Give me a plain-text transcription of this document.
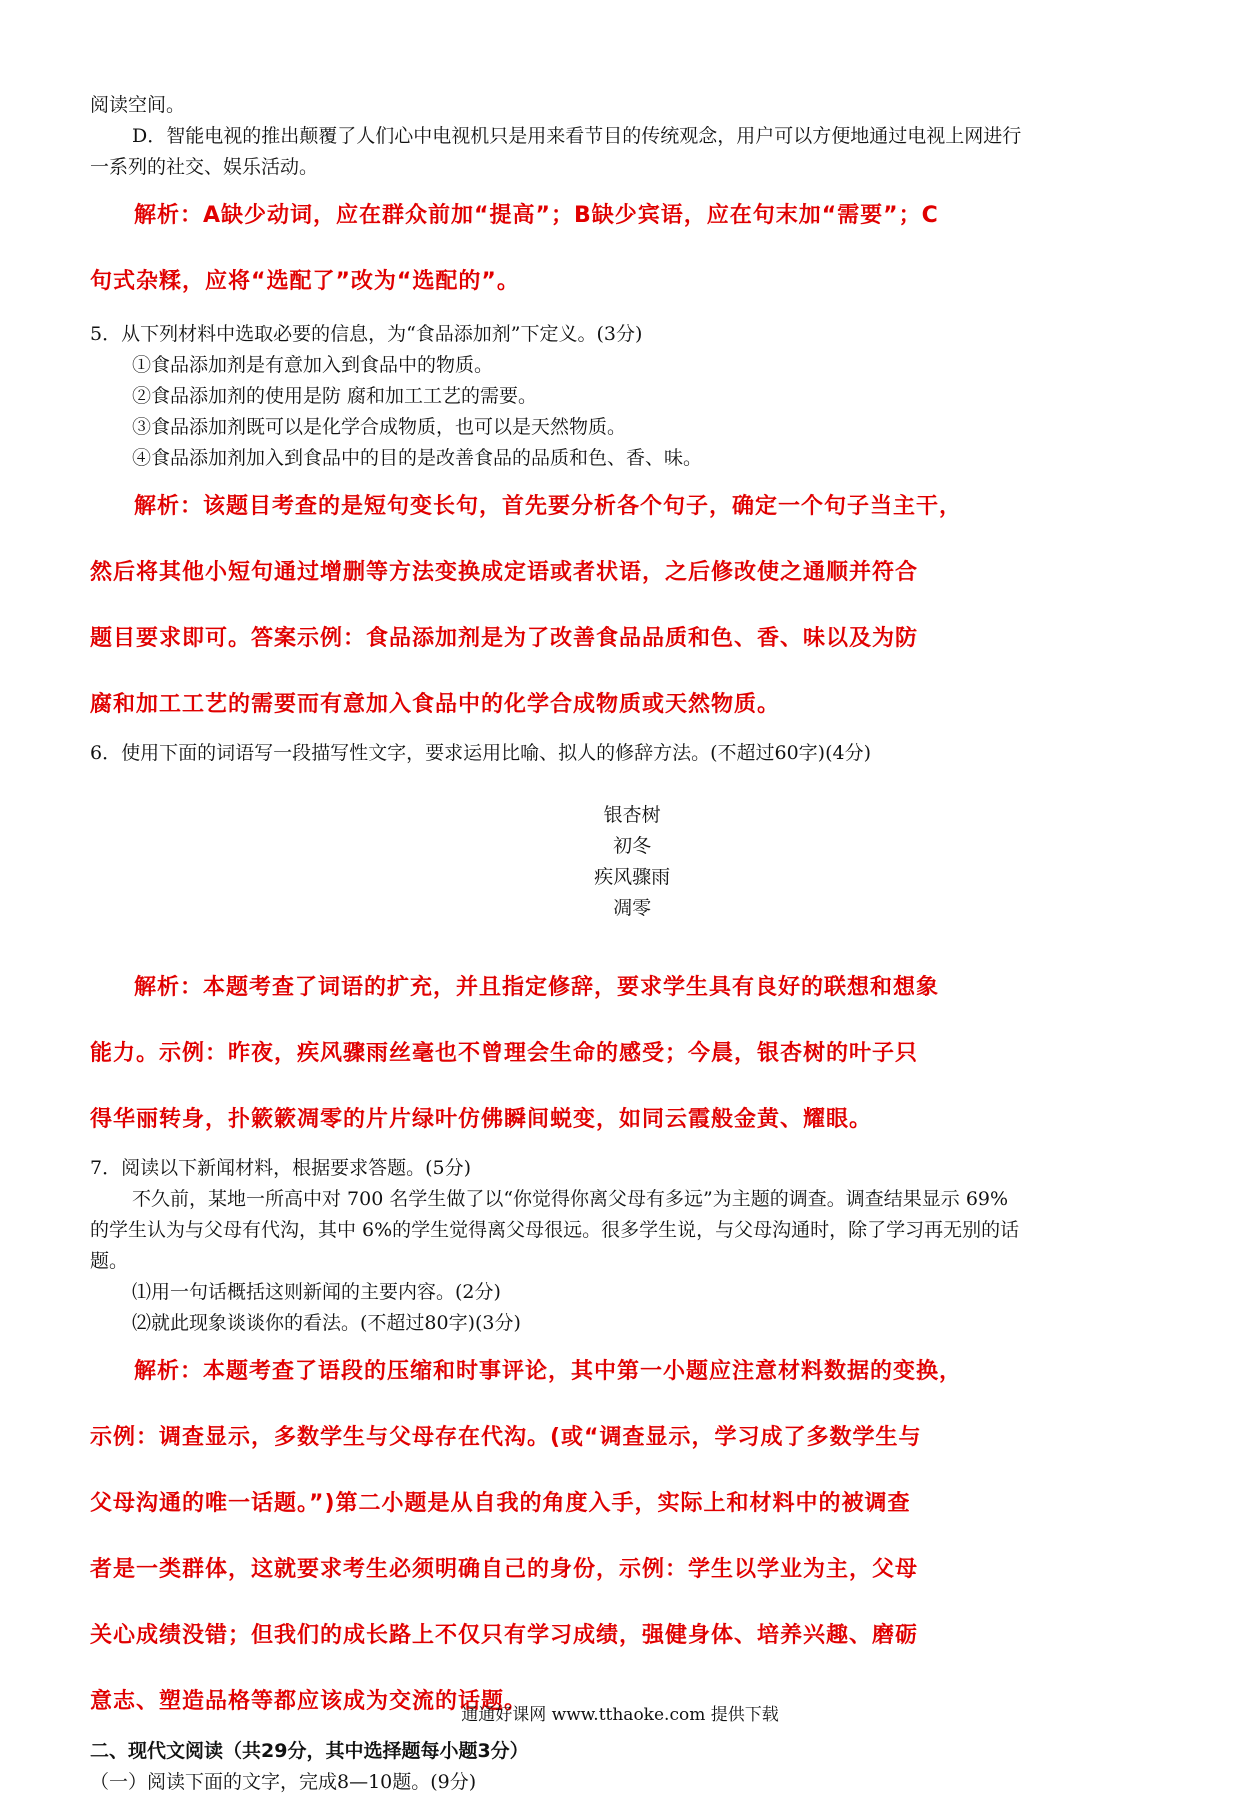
阅读空间。

D．智能电视的推出颠覆了人们心中电视机只是用来看节目的传统观念，用户可以方便地通过电视上网进行

一系列的社交、娱乐活动。

解析：A缺少动词，应在群众前加“提高”；B缺少宾语，应在句末加“需要”；C

句式杂糅，应将“选配了”改为“选配的”。

5．从下列材料中选取必要的信息，为“食品添加剂”下定义。(3分)

①食品添加剂是有意加入到食品中的物质。

②食品添加剂的使用是防 腐和加工工艺的需要。

③食品添加剂既可以是化学合成物质，也可以是天然物质。

④食品添加剂加入到食品中的目的是改善食品的品质和色、香、味。

解析：该题目考查的是短句变长句，首先要分析各个句子，确定一个句子当主干，

然后将其他小短句通过增删等方法变换成定语或者状语，之后修改使之通顺并符合

题目要求即可。答案示例：食品添加剂是为了改善食品品质和色、香、味以及为防

腐和加工工艺的需要而有意加入食品中的化学合成物质或天然物质。

6．使用下面的词语写一段描写性文字，要求运用比喻、拟人的修辞方法。(不超过60字)(4分)

银杏树
初冬
疾风骤雨
凋零

解析：本题考查了词语的扩充，并且指定修辞，要求学生具有良好的联想和想象

能力。示例：昨夜，疾风骤雨丝毫也不曾理会生命的感受；今晨，银杏树的叶子只

得华丽转身，扑簌簌凋零的片片绿叶仿佛瞬间蜕变，如同云霞般金黄、耀眼。

7．阅读以下新闻材料，根据要求答题。(5分)

不久前，某地一所高中对 700 名学生做了以“你觉得你离父母有多远”为主题的调查。调查结果显示 69%

的学生认为与父母有代沟，其中 6%的学生觉得离父母很远。很多学生说，与父母沟通时，除了学习再无别的话

题。

⑴用一句话概括这则新闻的主要内容。(2分)

⑵就此现象谈谈你的看法。(不超过80字)(3分)

解析：本题考查了语段的压缩和时事评论，其中第一小题应注意材料数据的变换，

示例：调查显示，多数学生与父母存在代沟。(或“调查显示，学习成了多数学生与

父母沟通的唯一话题。”)第二小题是从自我的角度入手，实际上和材料中的被调查

者是一类群体，这就要求考生必须明确自己的身份，示例：学生以学业为主，父母

关心成绩没错；但我们的成长路上不仅只有学习成绩，强健身体、培养兴趣、磨砺

意志、塑造品格等都应该成为交流的话题。

二、现代文阅读（共29分，其中选择题每小题3分）

（一）阅读下面的文字，完成8—10题。(9分)

通通好课网 www.tthaoke.com 提供下载
